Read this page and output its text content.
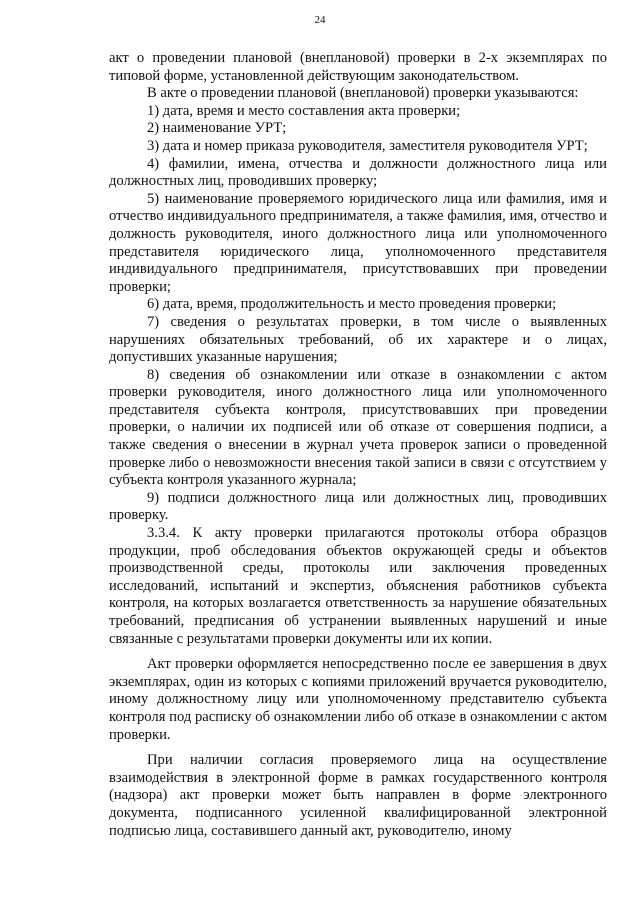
24

акт о проведении плановой (внеплановой) проверки в 2-х экземплярах по типовой форме, установленной действующим законодательством.

В акте о проведении плановой (внеплановой) проверки указываются:

1) дата, время и место составления акта проверки;

2) наименование УРТ;

3) дата и номер приказа руководителя, заместителя руководителя УРТ;

4) фамилии, имена, отчества и должности должностного лица или должностных лиц, проводивших проверку;

5) наименование проверяемого юридического лица или фамилия, имя и отчество индивидуального предпринимателя, а также фамилия, имя, отчество и должность руководителя, иного должностного лица или уполномоченного представителя юридического лица, уполномоченного представителя индивидуального предпринимателя, присутствовавших при проведении проверки;

6) дата, время, продолжительность и место проведения проверки;

7) сведения о результатах проверки, в том числе о выявленных нарушениях обязательных требований, об их характере и о лицах, допустивших указанные нарушения;

8) сведения об ознакомлении или отказе в ознакомлении с актом проверки руководителя, иного должностного лица или уполномоченного представителя субъекта контроля, присутствовавших при проведении проверки, о наличии их подписей или об отказе от совершения подписи, а также сведения о внесении в журнал учета проверок записи о проведенной проверке либо о невозможности внесения такой записи в связи с отсутствием у субъекта контроля указанного журнала;

9) подписи должностного лица или должностных лиц, проводивших проверку.

3.3.4. К акту проверки прилагаются протоколы отбора образцов продукции, проб обследования объектов окружающей среды и объектов производственной среды, протоколы или заключения проведенных исследований, испытаний и экспертиз, объяснения работников субъекта контроля, на которых возлагается ответственность за нарушение обязательных требований, предписания об устранении выявленных нарушений и иные связанные с результатами проверки документы или их копии.

Акт проверки оформляется непосредственно после ее завершения в двух экземплярах, один из которых с копиями приложений вручается руководителю, иному должностному лицу или уполномоченному представителю субъекта контроля под расписку об ознакомлении либо об отказе в ознакомлении с актом проверки.

При наличии согласия проверяемого лица на осуществление взаимодействия в электронной форме в рамках государственного контроля (надзора) акт проверки может быть направлен в форме электронного документа, подписанного усиленной квалифицированной электронной подписью лица, составившего данный акт, руководителю, иному
